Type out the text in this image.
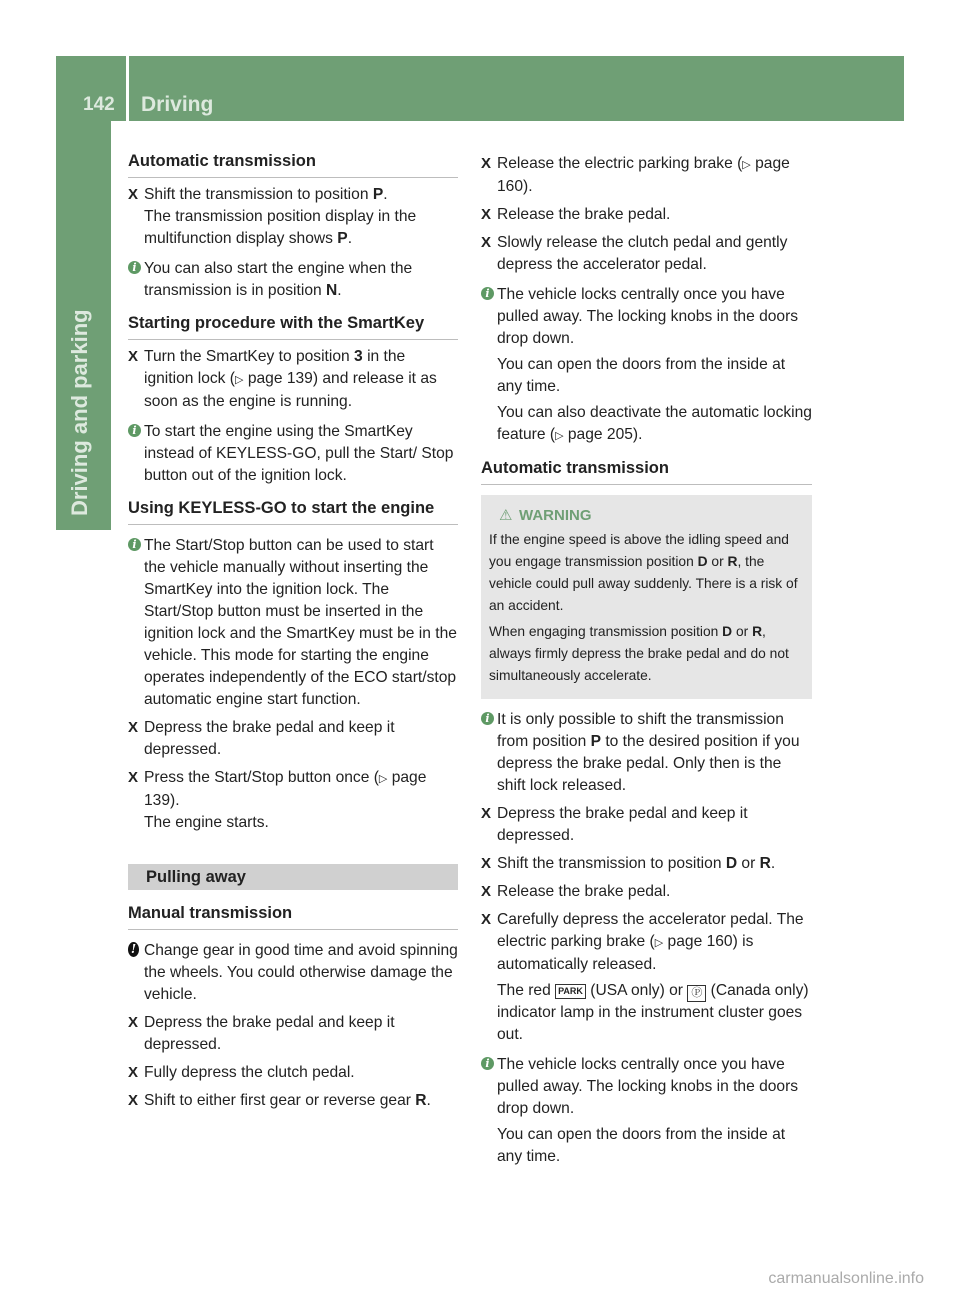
142	Driving
Driving and parking
Automatic transmission
X Shift the transmission to position P.
The transmission position display in the multifunction display shows P.
i You can also start the engine when the transmission is in position N.
Starting procedure with the SmartKey
X Turn the SmartKey to position 3 in the ignition lock (▷ page 139) and release it as soon as the engine is running.
i To start the engine using the SmartKey instead of KEYLESS-GO, pull the Start/ Stop button out of the ignition lock.
Using KEYLESS-GO to start the engine
i The Start/Stop button can be used to start the vehicle manually without inserting the SmartKey into the ignition lock. The Start/Stop button must be inserted in the ignition lock and the SmartKey must be in the vehicle. This mode for starting the engine operates independently of the ECO start/stop automatic engine start function.
X Depress the brake pedal and keep it depressed.
X Press the Start/Stop button once (▷ page 139).
The engine starts.
Pulling away
Manual transmission
! Change gear in good time and avoid spinning the wheels. You could otherwise damage the vehicle.
X Depress the brake pedal and keep it depressed.
X Fully depress the clutch pedal.
X Shift to either first gear or reverse gear R.
X Release the electric parking brake (▷ page 160).
X Release the brake pedal.
X Slowly release the clutch pedal and gently depress the accelerator pedal.
i The vehicle locks centrally once you have pulled away. The locking knobs in the doors drop down.
You can open the doors from the inside at any time.
You can also deactivate the automatic locking feature (▷ page 205).
Automatic transmission
⚠ WARNING

If the engine speed is above the idling speed and you engage transmission position D or R, the vehicle could pull away suddenly. There is a risk of an accident.

When engaging transmission position D or R, always firmly depress the brake pedal and do not simultaneously accelerate.

i It is only possible to shift the transmission from position P to the desired position if you depress the brake pedal. Only then is the shift lock released.
X Depress the brake pedal and keep it depressed.
X Shift the transmission to position D or R.
X Release the brake pedal.
X Carefully depress the accelerator pedal. The electric parking brake (▷ page 160) is automatically released.
The red PARK (USA only) or Ⓟ (Canada only) indicator lamp in the instrument cluster goes out.
i The vehicle locks centrally once you have pulled away. The locking knobs in the doors drop down.
You can open the doors from the inside at any time.
carmanualsonline.info
